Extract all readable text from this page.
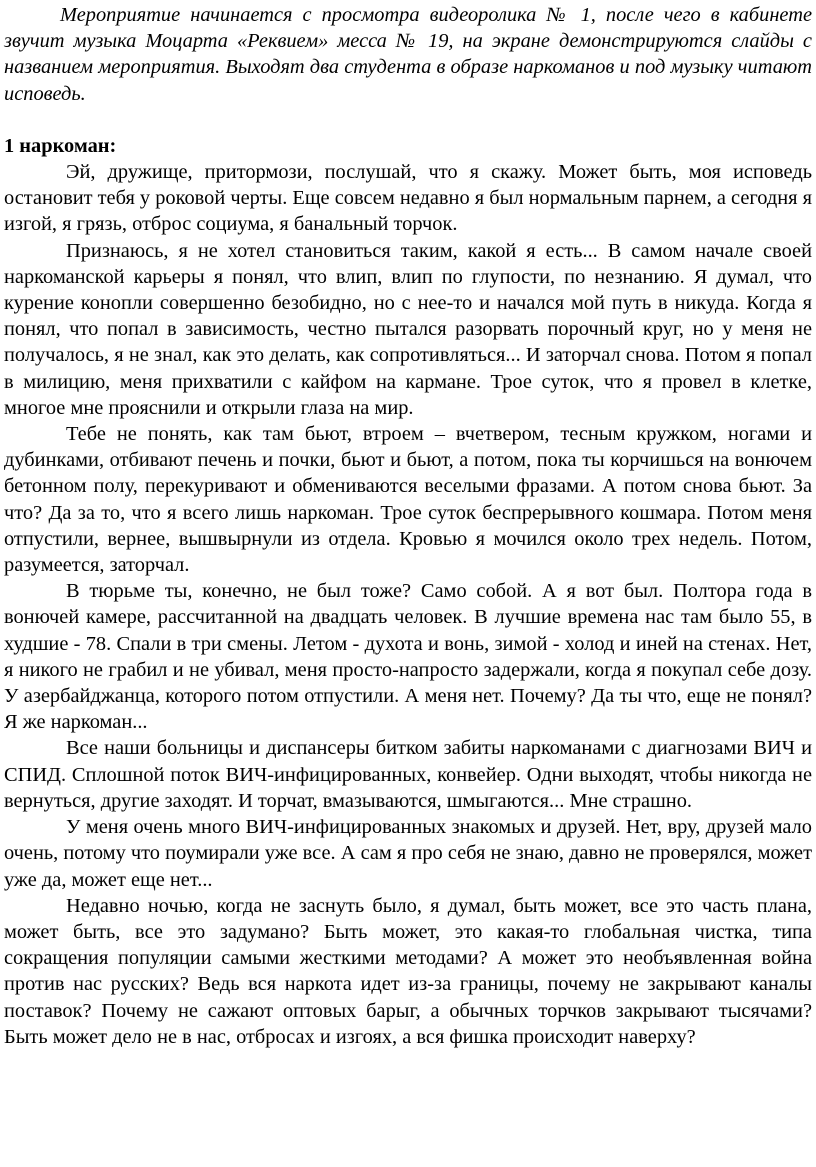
Мероприятие начинается с просмотра видеоролика № 1, после чего в кабинете звучит музыка Моцарта «Реквием» месса № 19, на экране демонстрируются слайды с названием мероприятия. Выходят два студента в образе наркоманов и под музыку читают исповедь.

1 наркоман:

Эй, дружище, притормози, послушай, что я скажу. Может быть, моя исповедь остановит тебя у роковой черты. Еще совсем недавно я был нормальным парнем, а сегодня я изгой, я грязь, отброс социума, я банальный торчок.

Признаюсь, я не хотел становиться таким, какой я есть... В самом начале своей наркоманской карьеры я понял, что влип, влип по глупости, по незнанию. Я думал, что курение конопли совершенно безобидно, но с нее-то и начался мой путь в никуда. Когда я понял, что попал в зависимость, честно пытался разорвать порочный круг, но у меня не получалось, я не знал, как это делать, как сопротивляться... И заторчал снова. Потом я попал в милицию, меня прихватили с кайфом на кармане. Трое суток, что я провел в клетке, многое мне прояснили и открыли глаза на мир.

Тебе не понять, как там бьют, втроем – вчетвером, тесным кружком, ногами и дубинками, отбивают печень и почки, бьют и бьют, а потом, пока ты корчишься на вонючем бетонном полу, перекуривают и обмениваются веселыми фразами. А потом снова бьют. За что? Да за то, что я всего лишь наркоман. Трое суток беспрерывного кошмара. Потом меня отпустили, вернее, вышвырнули из отдела. Кровью я мочился около трех недель. Потом, разумеется, заторчал.

В тюрьме ты, конечно, не был тоже? Само собой. А я вот был. Полтора года в вонючей камере, рассчитанной на двадцать человек. В лучшие времена нас там было 55, в худшие - 78. Спали в три смены. Летом - духота и вонь, зимой - холод и иней на стенах. Нет, я никого не грабил и не убивал, меня просто-напросто задержали, когда я покупал себе дозу. У азербайджанца, которого потом отпустили. А меня нет. Почему? Да ты что, еще не понял? Я же наркоман...

Все наши больницы и диспансеры битком забиты наркоманами с диагнозами ВИЧ и СПИД. Сплошной поток ВИЧ-инфицированных, конвейер. Одни выходят, чтобы никогда не вернуться, другие заходят. И торчат, вмазываются, шмыгаются... Мне страшно.

У меня очень много ВИЧ-инфицированных знакомых и друзей. Нет, вру, друзей мало очень, потому что поумирали уже все. А сам я про себя не знаю, давно не проверялся, может уже да, может еще нет...

Недавно ночью, когда не заснуть было, я думал, быть может, все это часть плана, может быть, все это задумано? Быть может, это какая-то глобальная чистка, типа сокращения популяции самыми жесткими методами? А может это необъявленная война против нас русских? Ведь вся наркота идет из-за границы, почему не закрывают каналы поставок? Почему не сажают оптовых барыг, а обычных торчков закрывают тысячами? Быть может дело не в нас, отбросах и изгоях, а вся фишка происходит наверху?
